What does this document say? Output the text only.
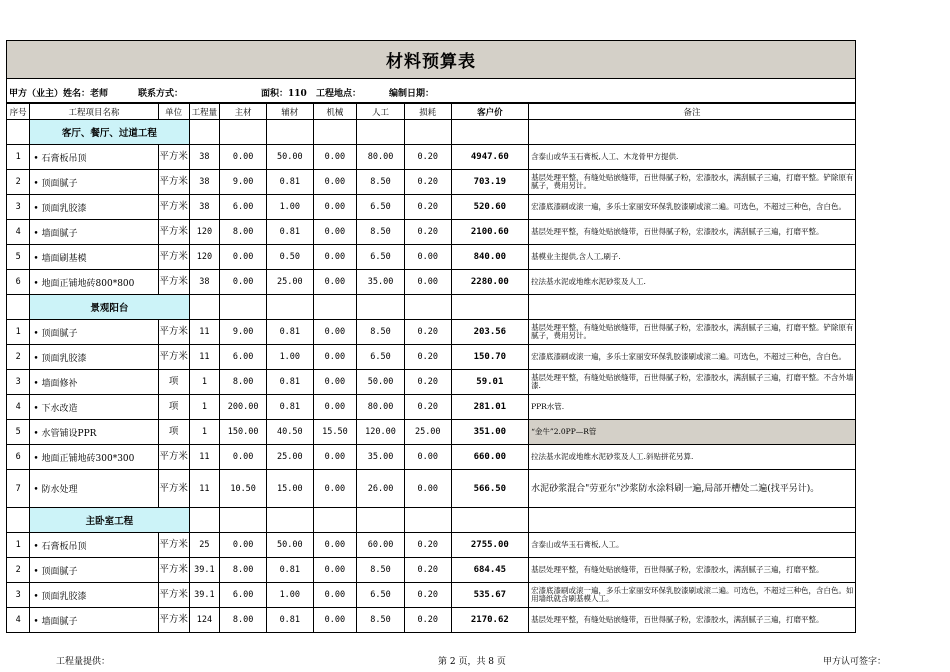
材料预算表
甲方（业主）姓名：老师	联系方式：	面积：110 工程地点：	编制日期：
序号	工程项目名称	单位	工程量	主材	辅材	机械	人工	损耗	客户价	备注
	客厅、餐厅、过道工程									
1	• 石膏板吊顶	平方米	38	0.00	50.00	0.00	80.00	0.20	4947.60	含泰山或华玉石膏板,人工、木龙骨甲方提供.
2	• 顶面腻子	平方米	38	9.00	0.81	0.00	8.50	0.20	703.19	基层处理平整，有缝处贴嵌缝带，百世得腻子粉，宏漆胶水，满刮腻子三遍，打磨平整。铲除原有腻子，费用另计。
3	• 顶面乳胶漆	平方米	38	6.00	1.00	0.00	6.50	0.20	520.60	宏漆底漆刷或滚一遍，多乐士家丽安环保乳胶漆刷或滚二遍。可选色，不超过三种色，含白色。
4	• 墙面腻子	平方米	120	8.00	0.81	0.00	8.50	0.20	2100.60	基层处理平整，有缝处贴嵌缝带，百世得腻子粉，宏漆胶水，满刮腻子三遍，打磨平整。
5	• 墙面刷基模	平方米	120	0.00	0.50	0.00	6.50	0.00	840.00	基模业主提供,含人工,刷子.
6	• 地面正铺地砖800*800	平方米	38	0.00	25.00	0.00	35.00	0.00	2280.00	拉法基水泥或地维水泥砂浆及人工.
	景观阳台									
1	• 顶面腻子	平方米	11	9.00	0.81	0.00	8.50	0.20	203.56	基层处理平整，有缝处贴嵌缝带，百世得腻子粉，宏漆胶水，满刮腻子三遍，打磨平整。铲除原有腻子，费用另计。
2	• 顶面乳胶漆	平方米	11	6.00	1.00	0.00	6.50	0.20	150.70	宏漆底漆刷或滚一遍，多乐士家丽安环保乳胶漆刷或滚二遍。可选色，不超过三种色，含白色。
3	• 墙面修补	项	1	8.00	0.81	0.00	50.00	0.20	59.01	基层处理平整，有缝处贴嵌缝带，百世得腻子粉，宏漆胶水，满刮腻子三遍，打磨平整。不含外墙漆.
4	• 下水改造	项	1	200.00	0.81	0.00	80.00	0.20	281.01	PPR水管.
5	• 水管铺设PPR	项	1	150.00	40.50	15.50	120.00	25.00	351.00	“金牛”2.0PP—R管
6	• 地面正铺地砖300*300	平方米	11	0.00	25.00	0.00	35.00	0.00	660.00	拉法基水泥或地维水泥砂浆及人工.斜贴拼花另算.
7	• 防水处理	平方米	11	10.50	15.00	0.00	26.00	0.00	566.50	水泥砂浆混合"劳亚尔"沙浆防水涂料刷一遍,局部开槽处二遍(找平另计)。
	主卧室工程									
1	• 石膏板吊顶	平方米	25	0.00	50.00	0.00	60.00	0.20	2755.00	含泰山或华玉石膏板,人工。
2	• 顶面腻子	平方米	39.1	8.00	0.81	0.00	8.50	0.20	684.45	基层处理平整，有缝处贴嵌缝带，百世得腻子粉，宏漆胶水，满刮腻子三遍，打磨平整。
3	• 顶面乳胶漆	平方米	39.1	6.00	1.00	0.00	6.50	0.20	535.67	宏漆底漆刷或滚一遍，多乐士家丽安环保乳胶漆刷或滚二遍。可选色，不超过三种色，含白色。如用墙纸就含刷基模人工。
4	• 墙面腻子	平方米	124	8.00	0.81	0.00	8.50	0.20	2170.62	基层处理平整，有缝处贴嵌缝带，百世得腻子粉，宏漆胶水，满刮腻子三遍，打磨平整。
工程量提供：	第 2 页，共 8 页	甲方认可签字：
